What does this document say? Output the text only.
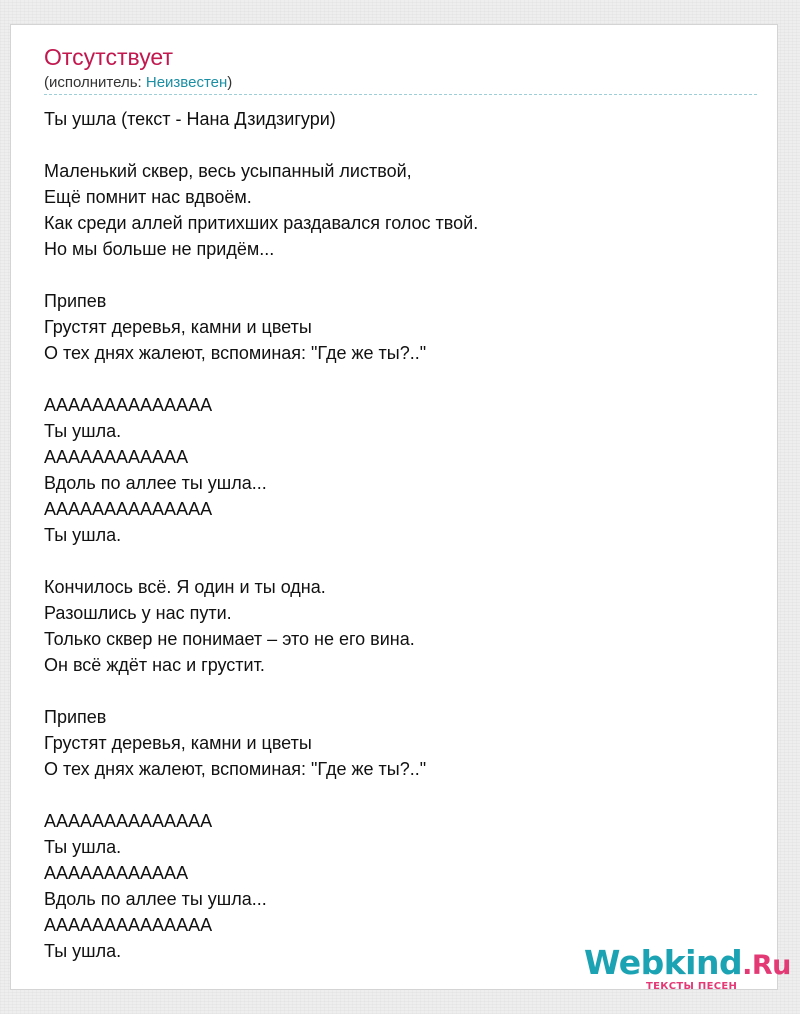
Отсутствует
(исполнитель: Неизвестен)
Ты ушла (текст - Нана Дзидзигури)
Маленький сквер, весь усыпанный листвой,
Ещё помнит нас вдвоём.
Как среди аллей притихших раздавался голос твой.
Но мы больше не придём...
Припев
Грустят деревья, камни и цветы
О тех днях жалеют, вспоминая: "Где же ты?.."
АААААААААААААА
Ты ушла.
АААААААААААА
Вдоль по аллее ты ушла...
АААААААААААААА
Ты ушла.
Кончилось всё. Я один и ты одна.
Разошлись у нас пути.
Только сквер не понимает – это не его вина.
Он всё ждёт нас и грустит.
Припев
Грустят деревья, камни и цветы
О тех днях жалеют, вспоминая: "Где же ты?.."
АААААААААААААА
Ты ушла.
АААААААААААА
Вдоль по аллее ты ушла...
АААААААААААААА
Ты ушла.	Webkind.Ru
ТЕКСТЫ ПЕСЕН
